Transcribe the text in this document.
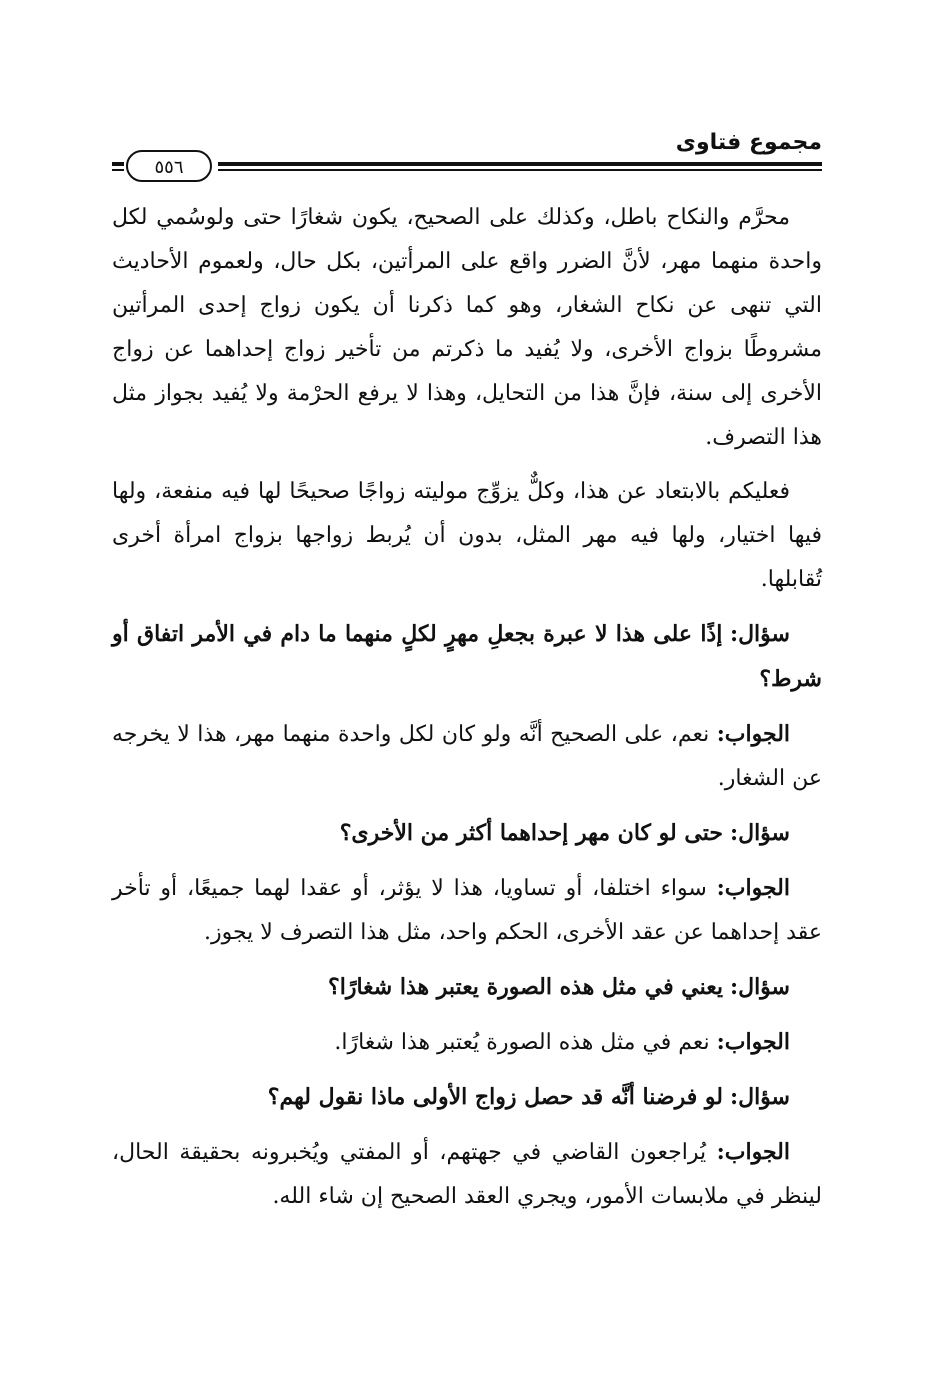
مجموع فتاوى
٥٥٦

محرَّم والنكاح باطل، وكذلك على الصحيح، يكون شغارًا حتى ولوسُمي لكل واحدة منهما مهر، لأنَّ الضرر واقع على المرأتين، بكل حال، ولعموم الأحاديث التي تنهى عن نكاح الشغار، وهو كما ذكرنا أن يكون زواج إحدى المرأتين مشروطًا بزواج الأخرى، ولا يُفيد ما ذكرتم من تأخير زواج إحداهما عن زواج الأخرى إلى سنة، فإنَّ هذا من التحايل، وهذا لا يرفع الحرْمة ولا يُفيد بجواز مثل هذا التصرف.

فعليكم بالابتعاد عن هذا، وكلٌّ يزوِّج موليته زواجًا صحيحًا لها فيه منفعة، ولها فيها اختيار، ولها فيه مهر المثل، بدون أن يُربط زواجها بزواج امرأة أخرى تُقابلها.

سؤال: إذًا على هذا لا عبرة بجعلِ مهرٍ لكلٍ منهما ما دام في الأمر اتفاق أو شرط؟

الجواب: نعم، على الصحيح أنَّه ولو كان لكل واحدة منهما مهر، هذا لا يخرجه عن الشغار.

سؤال: حتى لو كان مهر إحداهما أكثر من الأخرى؟

الجواب: سواء اختلفا، أو تساويا، هذا لا يؤثر، أو عقدا لهما جميعًا، أو تأخر عقد إحداهما عن عقد الأخرى، الحكم واحد، مثل هذا التصرف لا يجوز.

سؤال: يعني في مثل هذه الصورة يعتبر هذا شغارًا؟

الجواب: نعم في مثل هذه الصورة يُعتبر هذا شغارًا.

سؤال: لو فرضنا أنَّه قد حصل زواج الأولى ماذا نقول لهم؟

الجواب: يُراجعون القاضي في جهتهم، أو المفتي ويُخبرونه بحقيقة الحال، لينظر في ملابسات الأمور، ويجري العقد الصحيح إن شاء الله.
